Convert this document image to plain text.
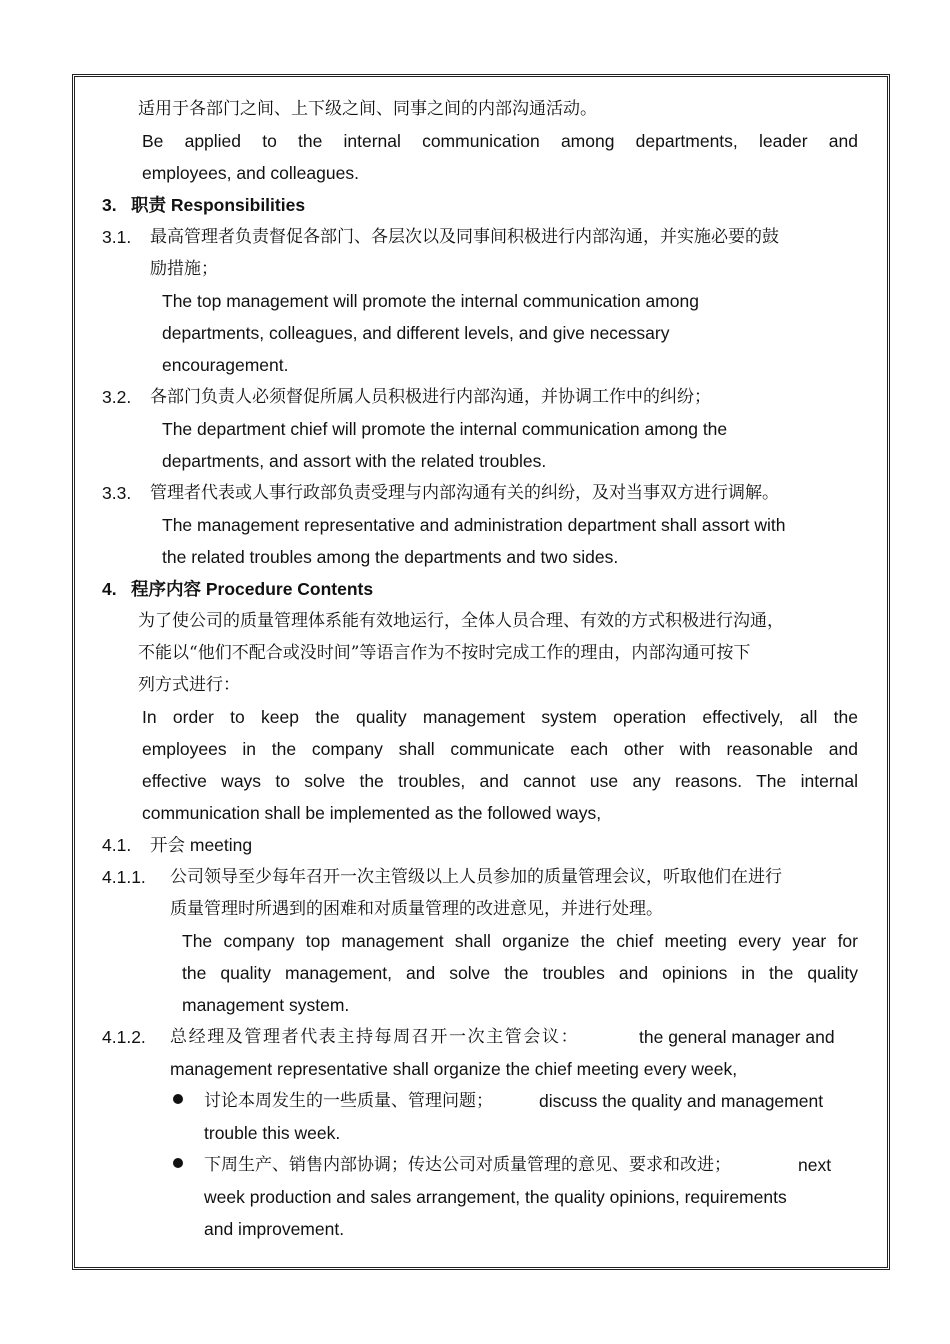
适用于各部门之间、上下级之间、同事之间的内部沟通活动。
Be applied to the internal communication among departments, leader and
employees, and colleagues.
3. 职责 Responsibilities
3.1. 最高管理者负责督促各部门、各层次以及同事间积极进行内部沟通，并实施必要的鼓
励措施；
The top management will promote the internal communication among
departments, colleagues, and different levels, and give necessary
encouragement.
3.2. 各部门负责人必须督促所属人员积极进行内部沟通，并协调工作中的纠纷；
The department chief will promote the internal communication among the
departments, and assort with the related troubles.
3.3. 管理者代表或人事行政部负责受理与内部沟通有关的纠纷，及对当事双方进行调解。
The management representative and administration department shall assort with
the related troubles among the departments and two sides.
4. 程序内容 Procedure Contents
为了使公司的质量管理体系能有效地运行，全体人员合理、有效的方式积极进行沟通，
不能以“他们不配合或没时间”等语言作为不按时完成工作的理由，内部沟通可按下
列方式进行：
In order to keep the quality management system operation effectively, all the
employees in the company shall communicate each other with reasonable and
effective ways to solve the troubles, and cannot use any reasons. The internal
communication shall be implemented as the followed ways,
4.1. 开会 meeting
4.1.1. 公司领导至少每年召开一次主管级以上人员参加的质量管理会议，听取他们在进行
质量管理时所遇到的困难和对质量管理的改进意见，并进行处理。
The company top management shall organize the chief meeting every year for
the quality management, and solve the troubles and opinions in the quality
management system.
4.1.2. 总经理及管理者代表主持每周召开一次主管会议：	the general manager and
management representative shall organize the chief meeting every week,
讨论本周发生的一些质量、管理问题；	discuss the quality and management
trouble this week.
下周生产、销售内部协调；传达公司对质量管理的意见、要求和改进；	next
week production and sales arrangement, the quality opinions, requirements
and improvement.
